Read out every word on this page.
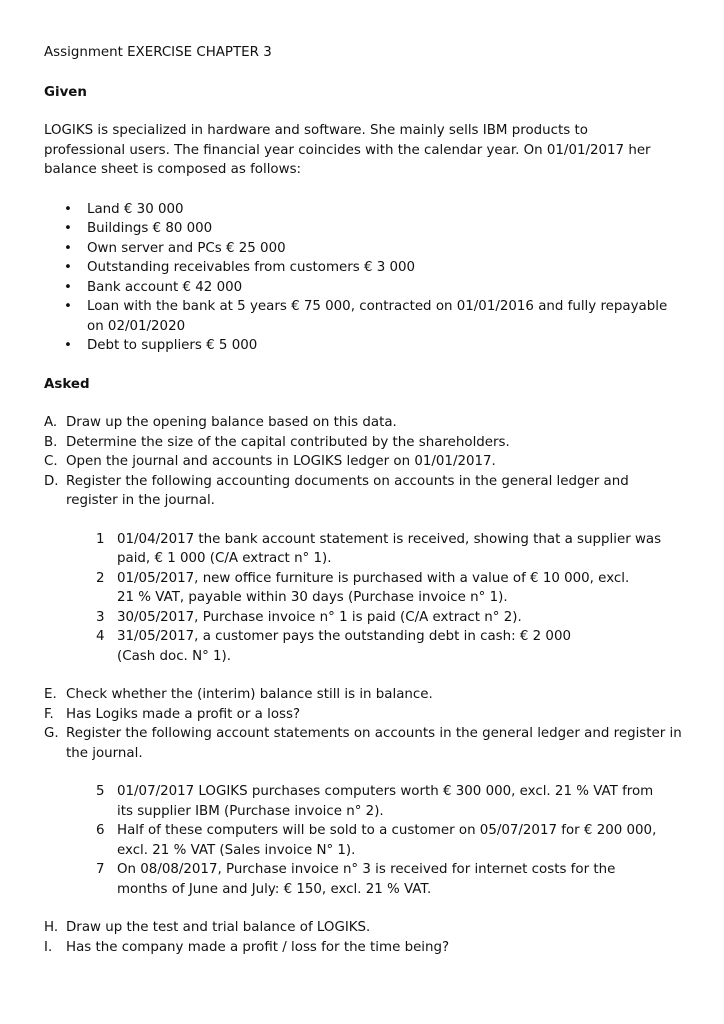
Assignment EXERCISE CHAPTER 3

Given

LOGIKS is specialized in hardware and software. She mainly sells IBM products to
professional users. The financial year coincides with the calendar year. On 01/01/2017 her
balance sheet is composed as follows:

• Land € 30 000
• Buildings € 80 000
• Own server and PCs € 25 000
• Outstanding receivables from customers € 3 000
• Bank account € 42 000
• Loan with the bank at 5 years € 75 000, contracted on 01/01/2016 and fully repayable on 02/01/2020
• Debt to suppliers € 5 000

Asked

A. Draw up the opening balance based on this data.
B. Determine the size of the capital contributed by the shareholders.
C. Open the journal and accounts in LOGIKS ledger on 01/01/2017.
D. Register the following accounting documents on accounts in the general ledger and register in the journal.
1 01/04/2017 the bank account statement is received, showing that a supplier was
paid, € 1 000 (C/A extract n° 1).
2 01/05/2017, new office furniture is purchased with a value of € 10 000, excl.
21 % VAT, payable within 30 days (Purchase invoice n° 1).
3 30/05/2017, Purchase invoice n° 1 is paid (C/A extract n° 2).
4 31/05/2017, a customer pays the outstanding debt in cash: € 2 000
(Cash doc. N° 1).
E. Check whether the (interim) balance still is in balance.
F. Has Logiks made a profit or a loss?
G. Register the following account statements on accounts in the general ledger and register in the journal.
5 01/07/2017 LOGIKS purchases computers worth € 300 000, excl. 21 % VAT from
its supplier IBM (Purchase invoice n° 2).
6 Half of these computers will be sold to a customer on 05/07/2017 for € 200 000,
excl. 21 % VAT (Sales invoice N° 1).
7 On 08/08/2017, Purchase invoice n° 3 is received for internet costs for the
months of June and July: € 150, excl. 21 % VAT.
H. Draw up the test and trial balance of LOGIKS.
I. Has the company made a profit / loss for the time being?
